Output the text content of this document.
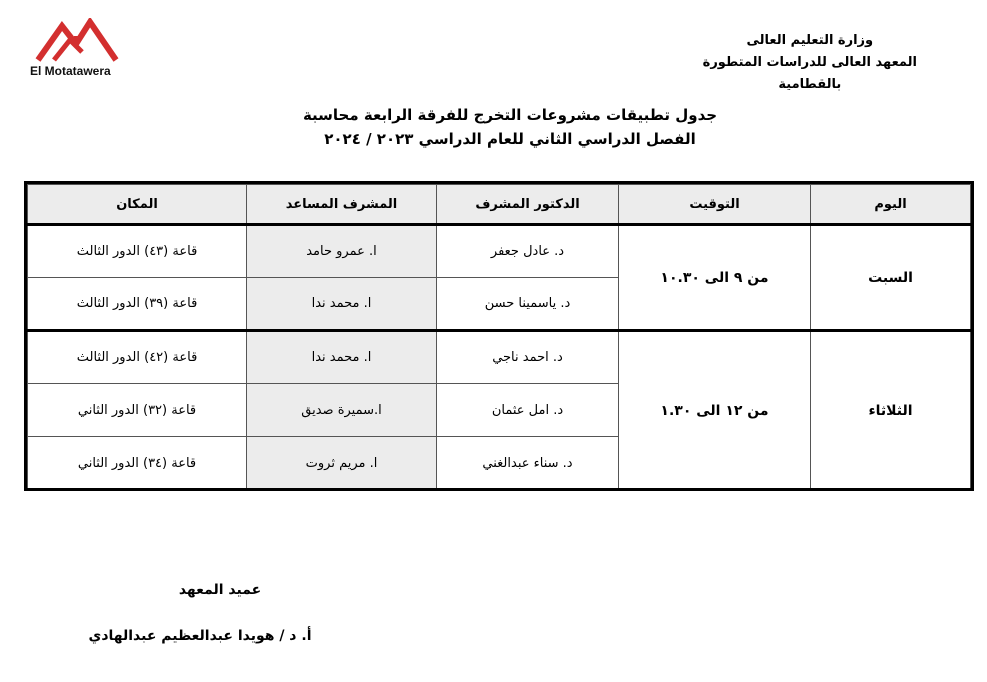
El Motatawera
وزارة التعليم العالى
المعهد العالى للدراسات المتطورة
بالقطامية
جدول تطبيقات مشروعات التخرج للفرقة الرابعة محاسبة
الفصل الدراسي الثاني للعام الدراسي ٢٠٢٣ / ٢٠٢٤
اليوم	التوقيت	الدكتور المشرف	المشرف المساعد	المكان
السبت	من ٩ الى ١٠.٣٠	د. عادل جعفر	ا. عمرو حامد	قاعة (٤٣) الدور الثالث
		د. ياسمينا حسن	ا. محمد ندا	قاعة (٣٩) الدور الثالث
الثلاثاء	من ١٢ الى ١.٣٠	د. احمد ناجي	ا. محمد ندا	قاعة (٤٢) الدور الثالث
		د. امل عثمان	ا.سميرة صديق	قاعة (٣٢) الدور الثاني
		د. سناء عبدالغني	ا. مريم ثروت	قاعة (٣٤) الدور الثاني
عميد المعهد
أ. د / هويدا عبدالعظيم عبدالهادي
